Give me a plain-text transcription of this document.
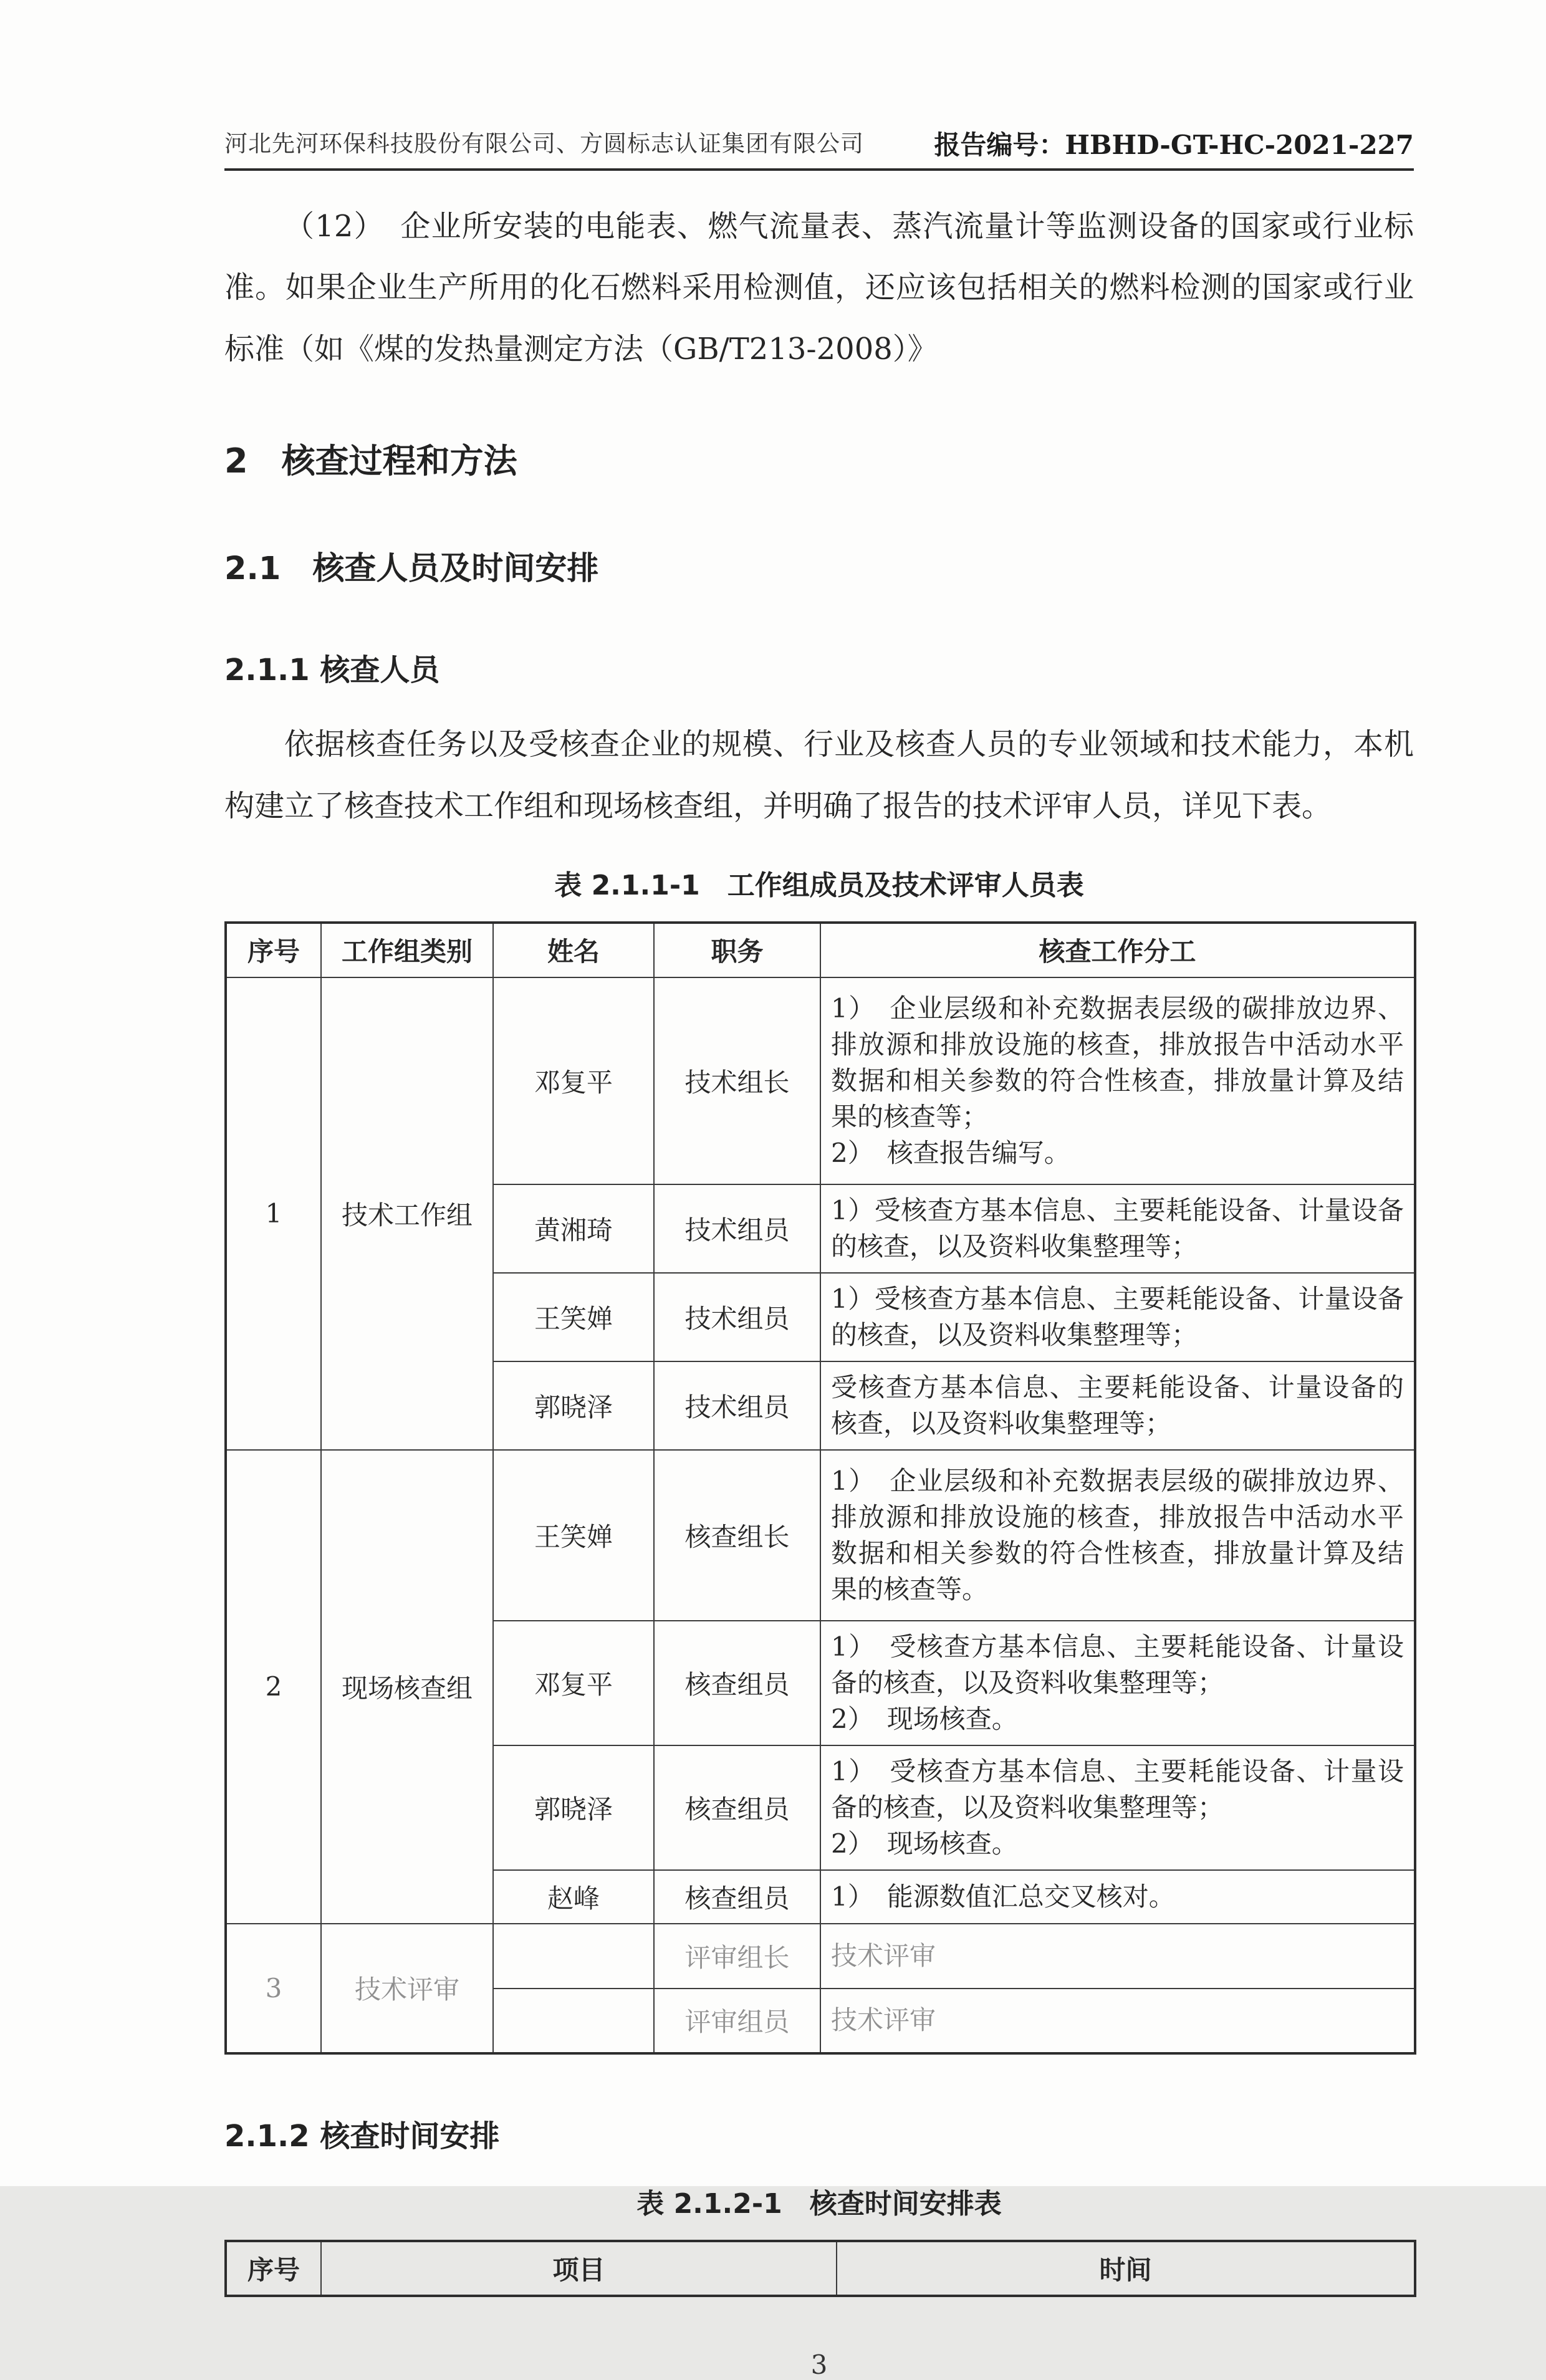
河北先河环保科技股份有限公司、方圆标志认证集团有限公司	报告编号：HBHD-GT-HC-2021-227

（12）　企业所安装的电能表、燃气流量表、蒸汽流量计等监测设备的国家或行业标准。如果企业生产所用的化石燃料采用检测值，还应该包括相关的燃料检测的国家或行业标准（如《煤的发热量测定方法（GB/T213-2008）》

2　核查过程和方法
2.1　核查人员及时间安排
2.1.1 核查人员

依据核查任务以及受核查企业的规模、行业及核查人员的专业领域和技术能力，本机构建立了核查技术工作组和现场核查组，并明确了报告的技术评审人员，详见下表。

表 2.1.1-1　工作组成员及技术评审人员表
序号	工作组类别	姓名	职务	核查工作分工
1	技术工作组	邓复平	技术组长	1）　企业层级和补充数据表层级的碳排放边界、排放源和排放设施的核查，排放报告中活动水平数据和相关参数的符合性核查，排放量计算及结果的核查等；
2）　核查报告编写。

		黄湘琦	技术组员	1）受核查方基本信息、主要耗能设备、计量设备的核查，以及资料收集整理等；

		王笑婵	技术组员	1）受核查方基本信息、主要耗能设备、计量设备的核查，以及资料收集整理等；

		郭晓泽	技术组员	受核查方基本信息、主要耗能设备、计量设备的核查，以及资料收集整理等；

2	现场核查组	王笑婵	核查组长	1）　企业层级和补充数据表层级的碳排放边界、排放源和排放设施的核查，排放报告中活动水平数据和相关参数的符合性核查，排放量计算及结果的核查等。

		邓复平	核查组员	1）　受核查方基本信息、主要耗能设备、计量设备的核查，以及资料收集整理等；
2）　现场核查。

		郭晓泽	核查组员	1）　受核查方基本信息、主要耗能设备、计量设备的核查，以及资料收集整理等；
2）　现场核查。

		赵峰	核查组员	1）　能源数值汇总交叉核对。

3	技术评审		评审组长	技术评审

			评审组员	技术评审
2.1.2 核查时间安排
表 2.1.2-1　核查时间安排表
序号	项目	时间
3
